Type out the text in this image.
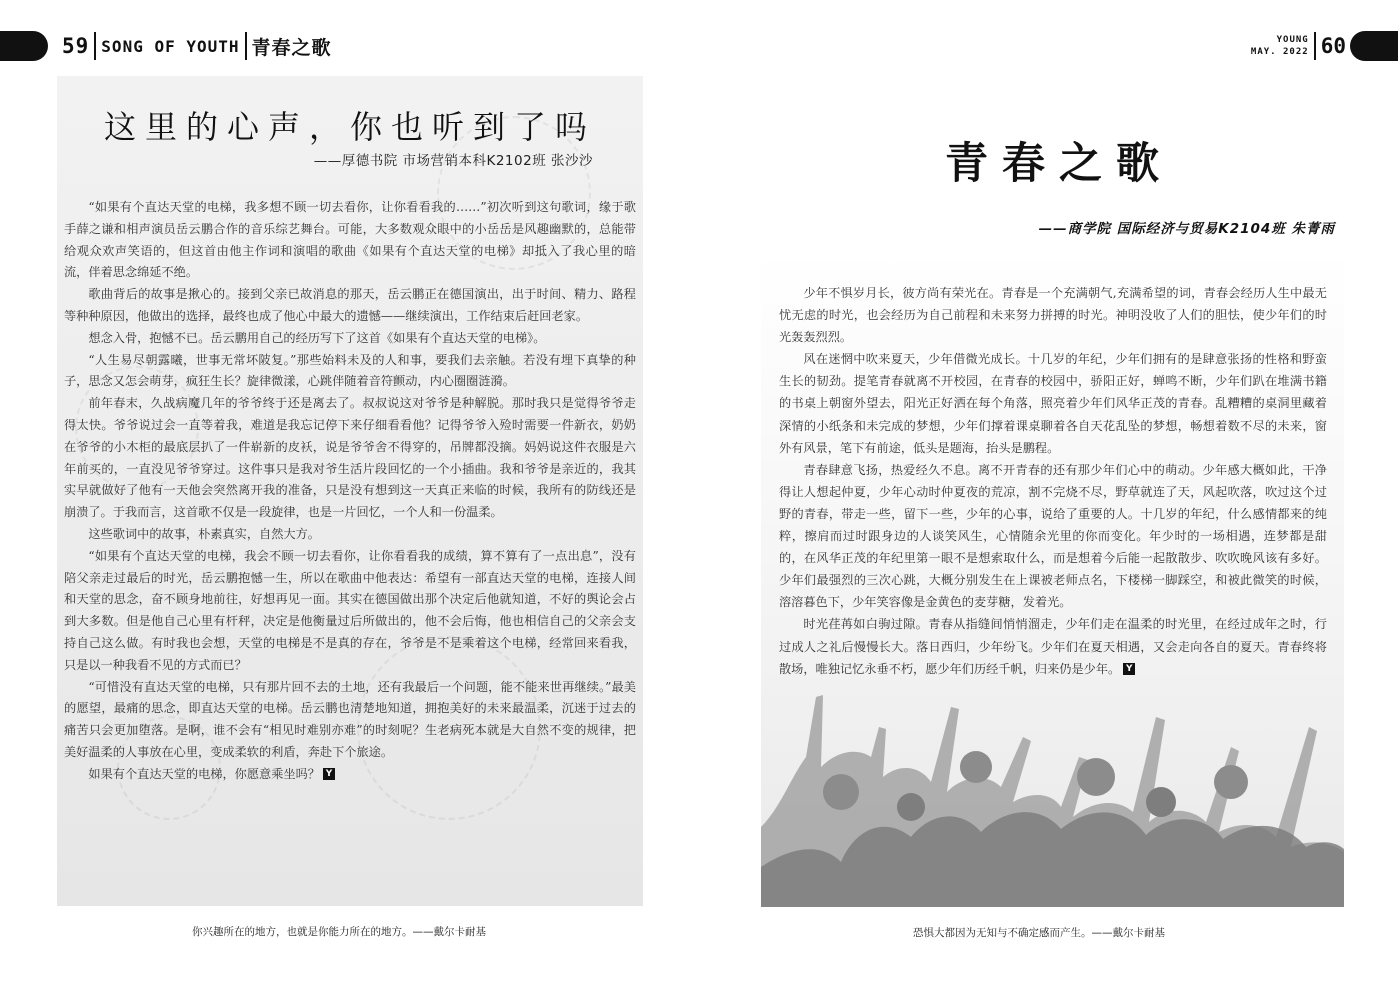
59 SONG OF YOUTH 青春之歌	YOUNG
MAY. 2022 60
这里的心声，你也听到了吗
——厚德书院 市场营销本科K2102班 张沙沙

“如果有个直达天堂的电梯，我多想不顾一切去看你，让你看看我的……”初次听到这句歌词，缘于歌手薛之谦和相声演员岳云鹏合作的音乐综艺舞台。可能，大多数观众眼中的小岳岳是风趣幽默的，总能带给观众欢声笑语的，但这首由他主作词和演唱的歌曲《如果有个直达天堂的电梯》却抵入了我心里的暗流，伴着思念绵延不绝。

歌曲背后的故事是揪心的。接到父亲已故消息的那天，岳云鹏正在德国演出，出于时间、精力、路程等种种原因，他做出的选择，最终也成了他心中最大的遗憾——继续演出，工作结束后赶回老家。

想念入骨，抱憾不已。岳云鹏用自己的经历写下了这首《如果有个直达天堂的电梯》。

“人生易尽朝露曦，世事无常坏陂复。”那些始料未及的人和事，要我们去亲触。若没有埋下真挚的种子，思念又怎会萌芽，疯狂生长？旋律微漾，心跳伴随着音符颤动，内心圈圈涟漪。

前年春末，久战病魔几年的爷爷终于还是离去了。叔叔说这对爷爷是种解脱。那时我只是觉得爷爷走得太快。爷爷说过会一直等着我，难道是我忘记停下来仔细看看他？记得爷爷入殓时需要一件新衣，奶奶在爷爷的小木柜的最底层扒了一件崭新的皮袄，说是爷爷舍不得穿的，吊牌都没摘。妈妈说这件衣服是六年前买的，一直没见爷爷穿过。这件事只是我对爷生活片段回忆的一个小插曲。我和爷爷是亲近的，我其实早就做好了他有一天他会突然离开我的准备，只是没有想到这一天真正来临的时候，我所有的防线还是崩溃了。于我而言，这首歌不仅是一段旋律，也是一片回忆，一个人和一份温柔。

这些歌词中的故事，朴素真实，自然大方。

“如果有个直达天堂的电梯，我会不顾一切去看你，让你看看我的成绩，算不算有了一点出息”，没有陪父亲走过最后的时光，岳云鹏抱憾一生，所以在歌曲中他表达：希望有一部直达天堂的电梯，连接人间和天堂的思念，奋不顾身地前往，好想再见一面。其实在德国做出那个决定后他就知道，不好的舆论会占到大多数。但是他自己心里有杆秤，决定是他衡量过后所做出的，他不会后悔，他也相信自己的父亲会支持自己这么做。有时我也会想，天堂的电梯是不是真的存在，爷爷是不是乘着这个电梯，经常回来看我，只是以一种我看不见的方式而已？

“可惜没有直达天堂的电梯，只有那片回不去的土地，还有我最后一个问题，能不能来世再继续。”最美的愿望，最痛的思念，即直达天堂的电梯。岳云鹏也清楚地知道，拥抱美好的未来最温柔，沉迷于过去的痛苦只会更加堕落。是啊，谁不会有“相见时难别亦难”的时刻呢？生老病死本就是大自然不变的规律，把美好温柔的人事放在心里，变成柔软的利盾，奔赴下个旅途。

如果有个直达天堂的电梯，你愿意乘坐吗？ Y

青春之歌
——商学院 国际经济与贸易K2104班 朱菁雨

少年不惧岁月长，彼方尚有荣光在。青春是一个充满朝气,充满希望的词，青春会经历人生中最无忧无虑的时光，也会经历为自己前程和未来努力拼搏的时光。神明没收了人们的胆怯，使少年们的时光轰轰烈烈。

风在迷惘中吹来夏天，少年借微光成长。十几岁的年纪，少年们拥有的是肆意张扬的性格和野蛮生长的韧劲。提笔青春就离不开校园，在青春的校园中，骄阳正好，蝉鸣不断，少年们趴在堆满书籍的书桌上朝窗外望去，阳光正好洒在每个角落，照亮着少年们风华正茂的青春。乱糟糟的桌洞里藏着深情的小纸条和未完成的梦想，少年们撑着课桌聊着各自天花乱坠的梦想，畅想着数不尽的未来，窗外有风景，笔下有前途，低头是题海，抬头是鹏程。

青春肆意飞扬，热爱经久不息。离不开青春的还有那少年们心中的萌动。少年感大概如此，干净得让人想起仲夏，少年心动时仲夏夜的荒凉，割不完烧不尽，野草就连了天，风起吹落，吹过这个过野的青春，带走一些，留下一些，少年的心事，说给了重要的人。十几岁的年纪，什么感情都来的纯粹，擦肩而过时跟身边的人谈笑风生，心情随余光里的你而变化。年少时的一场相遇，连梦都是甜的，在风华正茂的年纪里第一眼不是想索取什么，而是想着今后能一起散散步、吹吹晚风该有多好。少年们最强烈的三次心跳，大概分别发生在上课被老师点名，下楼梯一脚踩空，和被此微笑的时候，溶溶暮色下，少年笑容像是金黄色的麦芽糖，发着光。

时光荏苒如白驹过隙。青春从指缝间悄悄溜走，少年们走在温柔的时光里，在经过成年之时，行过成人之礼后慢慢长大。落日西归，少年纷飞。少年们在夏天相遇，又会走向各自的夏天。青春终将散场，唯独记忆永垂不朽，愿少年们历经千帆，归来仍是少年。 Y

你兴趣所在的地方，也就是你能力所在的地方。——戴尔卡耐基	恐惧大都因为无知与不确定感而产生。——戴尔卡耐基
